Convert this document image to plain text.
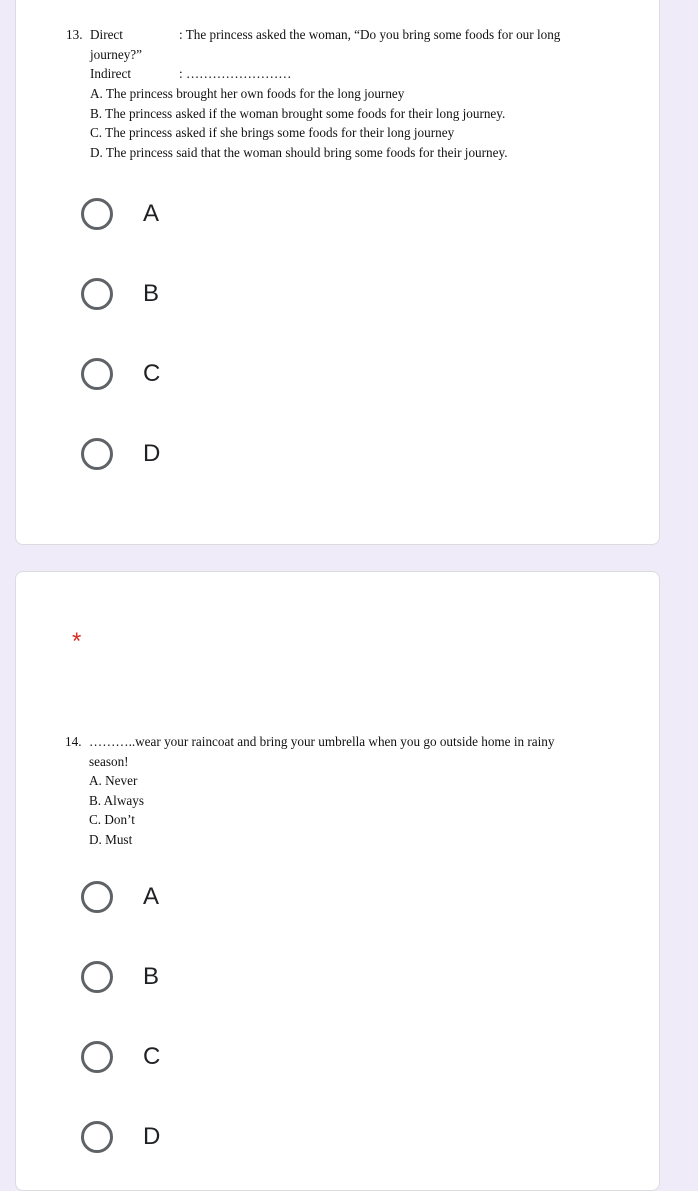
13. Direct	: The princess asked the woman, “Do you bring some foods for our long
journey?”
Indirect	: ……………………
A. The princess brought her own foods for the long journey
B. The princess asked if the woman brought some foods for their long journey.
C. The princess asked if she brings some foods for their long journey
D. The princess said that the woman should bring some foods for their journey.
A
B
C
D
A
B
C
D
*
14. ………..wear your raincoat and bring your umbrella when you go outside home in rainy
season!
A. Never
B. Always
C. Don’t
D. Must
